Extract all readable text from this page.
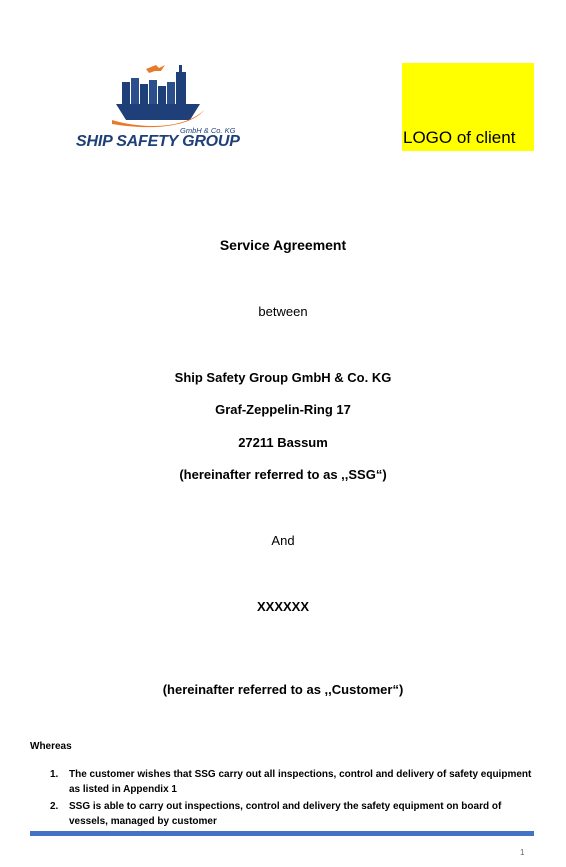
GmbH & Co. KG
SHIP SAFETY GROUP	LOGO of client
Service Agreement
between
Ship Safety Group GmbH & Co. KG
Graf-Zeppelin-Ring 17
27211 Bassum
(hereinafter referred to as ,,SSG“)
And
XXXXXX
(hereinafter referred to as ,,Customer“)
Whereas
1.	The customer wishes that SSG carry out all inspections, control and delivery of safety equipment as listed in Appendix 1
2.	SSG is able to carry out inspections, control and delivery the safety equipment on board of vessels, managed by customer
1
